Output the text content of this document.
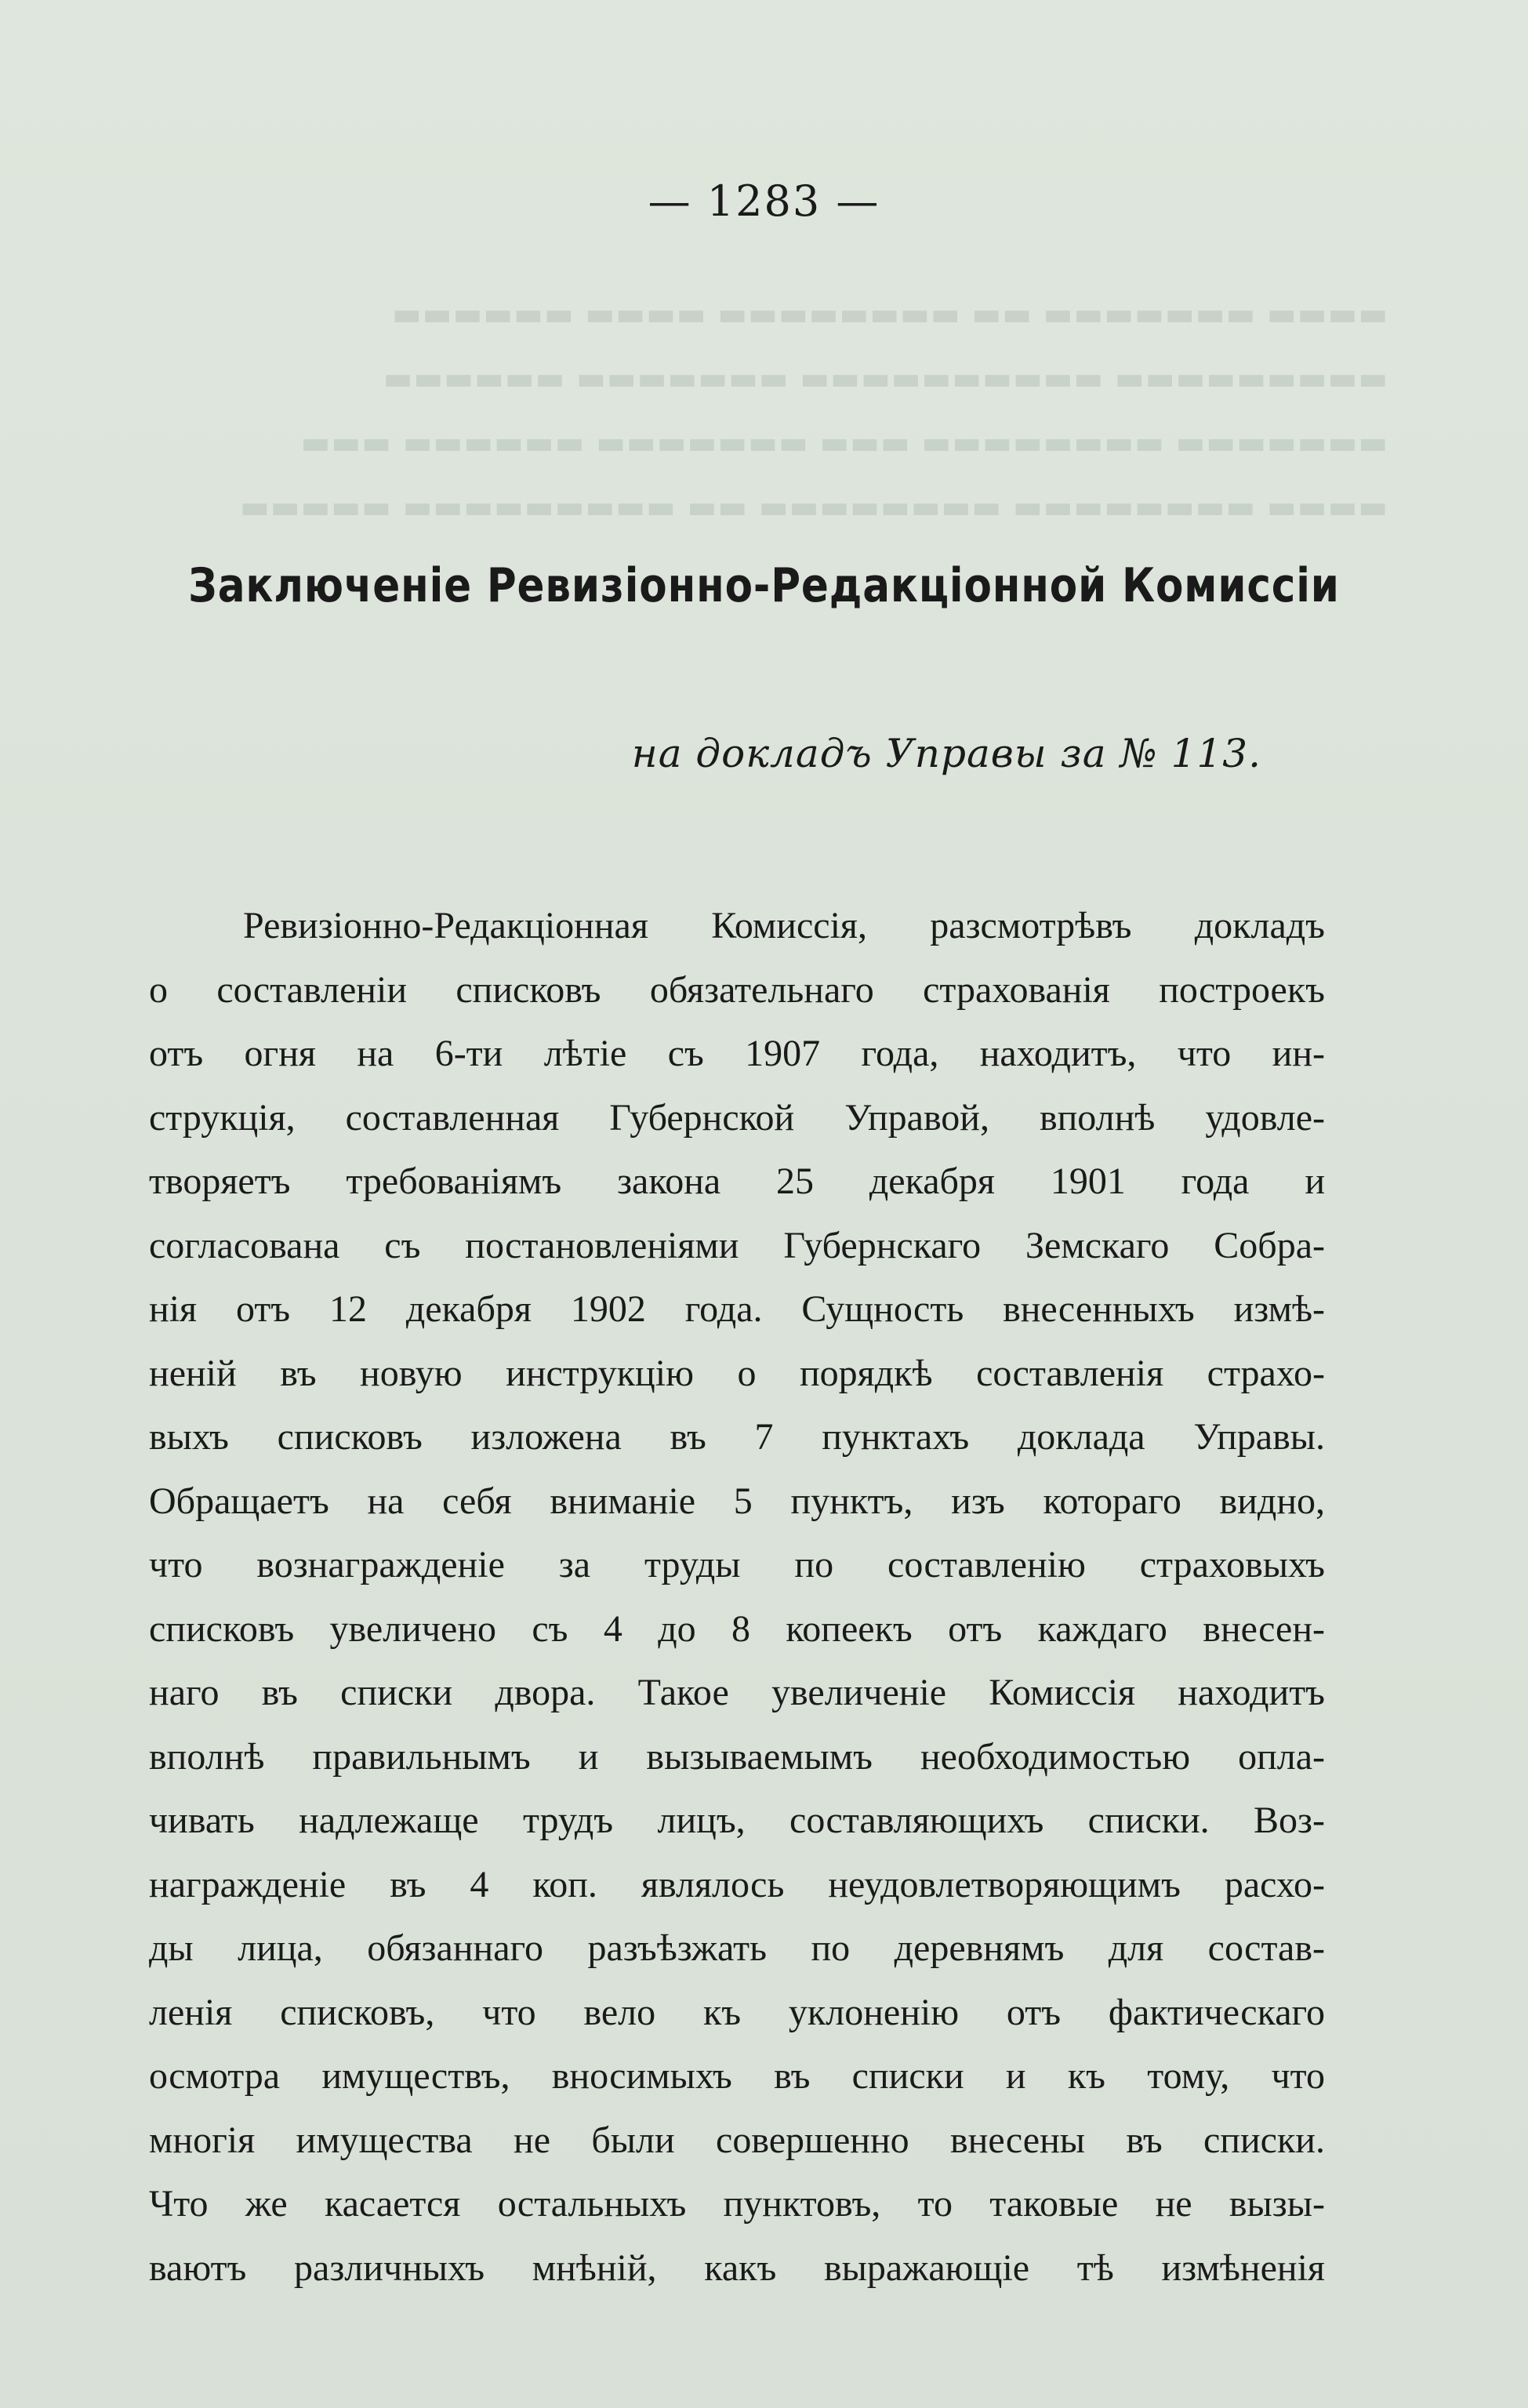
▬▬▬▬ ▬▬▬▬▬▬▬ ▬▬ ▬▬▬▬▬▬▬▬ ▬▬▬▬ ▬▬▬▬▬▬
▬▬▬▬▬▬▬▬▬ ▬▬▬▬▬▬▬▬▬▬ ▬▬▬▬▬▬▬ ▬▬▬▬▬▬
▬▬▬▬▬▬▬ ▬▬▬▬▬▬▬▬ ▬▬▬ ▬▬▬▬▬▬▬ ▬▬▬▬▬▬ ▬▬▬
▬▬▬▬ ▬▬▬▬▬▬▬▬ ▬▬▬▬▬▬▬▬ ▬▬ ▬▬▬▬▬▬▬▬▬ ▬▬▬▬▬
— 1283 —
Заключеніе Ревизіонно-Редакціонной Комиссіи
на докладъ Управы за № 113.
Ревизіонно-Редакціонная Комиссія, разсмотрѣвъ докладъ
о составленіи списковъ обязательнаго страхованія построекъ
отъ огня на 6-ти лѣтіе съ 1907 года, находитъ, что ин-
струкція, составленная Губернской Управой, вполнѣ удовле-
творяетъ требованіямъ закона 25 декабря 1901 года и
согласована съ постановленіями Губернскаго Земскаго Собра-
нія отъ 12 декабря 1902 года. Сущность внесенныхъ измѣ-
неній въ новую инструкцію о порядкѣ составленія страхо-
выхъ списковъ изложена въ 7 пунктахъ доклада Управы.
Обращаетъ на себя вниманіе 5 пунктъ, изъ котораго видно,
что вознагражденіе за труды по составленію страховыхъ
списковъ увеличено съ 4 до 8 копеекъ отъ каждаго внесен-
наго въ списки двора. Такое увеличеніе Комиссія находитъ
вполнѣ правильнымъ и вызываемымъ необходимостью опла-
чивать надлежаще трудъ лицъ, составляющихъ списки. Воз-
награжденіе въ 4 коп. являлось неудовлетворяющимъ расхо-
ды лица, обязаннаго разъѣзжать по деревнямъ для состав-
ленія списковъ, что вело къ уклоненію отъ фактическаго
осмотра имуществъ, вносимыхъ въ списки и къ тому, что
многія имущества не были совершенно внесены въ списки.
Что же касается остальныхъ пунктовъ, то таковые не вызы-
ваютъ различныхъ мнѣній, какъ выражающіе тѣ измѣненія
